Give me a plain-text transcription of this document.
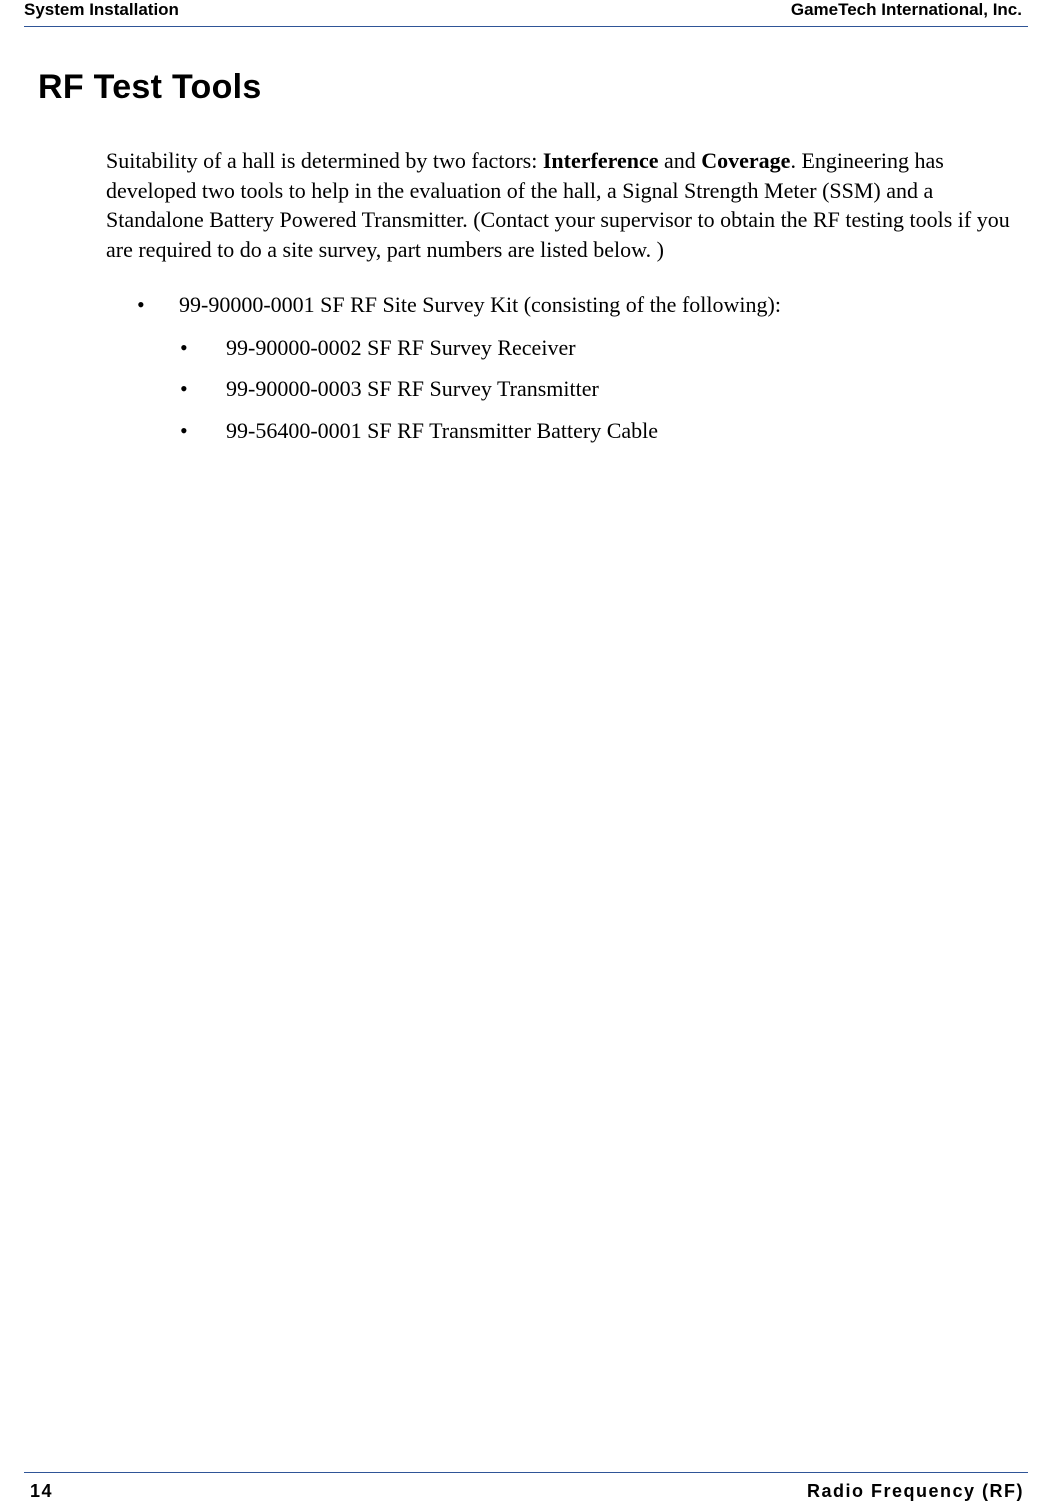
System Installation	GameTech International, Inc.
RF Test Tools
Suitability of a hall is determined by two factors: Interference and Coverage. Engineering has developed two tools to help in the evaluation of the hall, a Signal Strength Meter (SSM) and a Standalone Battery Powered Transmitter. (Contact your supervisor to obtain the RF testing tools if you are required to do a site survey, part numbers are listed below. )
• 99-90000-0001 SF RF Site Survey Kit (consisting of the following):
• 99-90000-0002 SF RF Survey Receiver
• 99-90000-0003 SF RF Survey Transmitter
• 99-56400-0001 SF RF Transmitter Battery Cable
14	Radio Frequency (RF)
